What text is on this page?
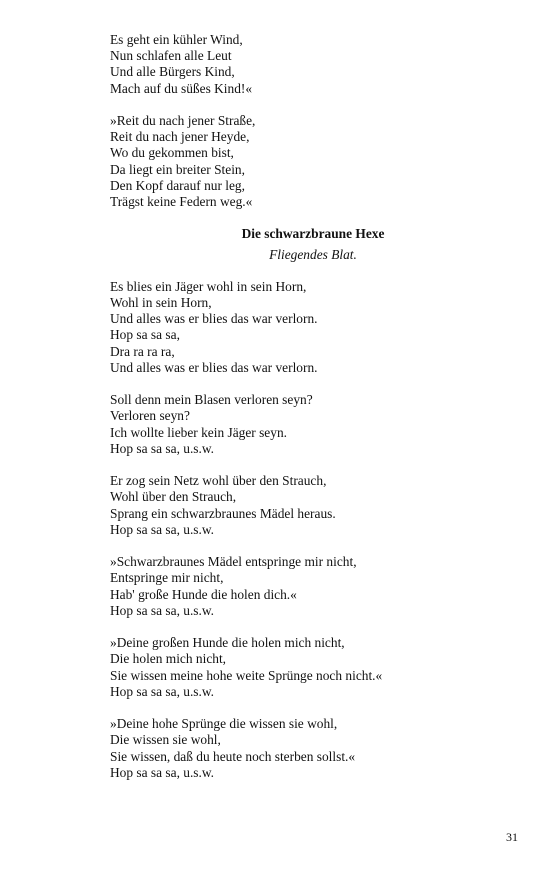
Es geht ein kühler Wind,
Nun schlafen alle Leut
Und alle Bürgers Kind,
Mach auf du süßes Kind!«
»Reit du nach jener Straße,
Reit du nach jener Heyde,
Wo du gekommen bist,
Da liegt ein breiter Stein,
Den Kopf darauf nur leg,
Trägst keine Federn weg.«
Die schwarzbraune Hexe
Fliegendes Blat.
Es blies ein Jäger wohl in sein Horn,
Wohl in sein Horn,
Und alles was er blies das war verlorn.
Hop sa sa sa,
Dra ra ra ra,
Und alles was er blies das war verlorn.
Soll denn mein Blasen verloren seyn?
Verloren seyn?
Ich wollte lieber kein Jäger seyn.
Hop sa sa sa, u.s.w.
Er zog sein Netz wohl über den Strauch,
Wohl über den Strauch,
Sprang ein schwarzbraunes Mädel heraus.
Hop sa sa sa, u.s.w.
»Schwarzbraunes Mädel entspringe mir nicht,
Entspringe mir nicht,
Hab' große Hunde die holen dich.«
Hop sa sa sa, u.s.w.
»Deine großen Hunde die holen mich nicht,
Die holen mich nicht,
Sie wissen meine hohe weite Sprünge noch nicht.«
Hop sa sa sa, u.s.w.
»Deine hohe Sprünge die wissen sie wohl,
Die wissen sie wohl,
Sie wissen, daß du heute noch sterben sollst.«
Hop sa sa sa, u.s.w.
31
